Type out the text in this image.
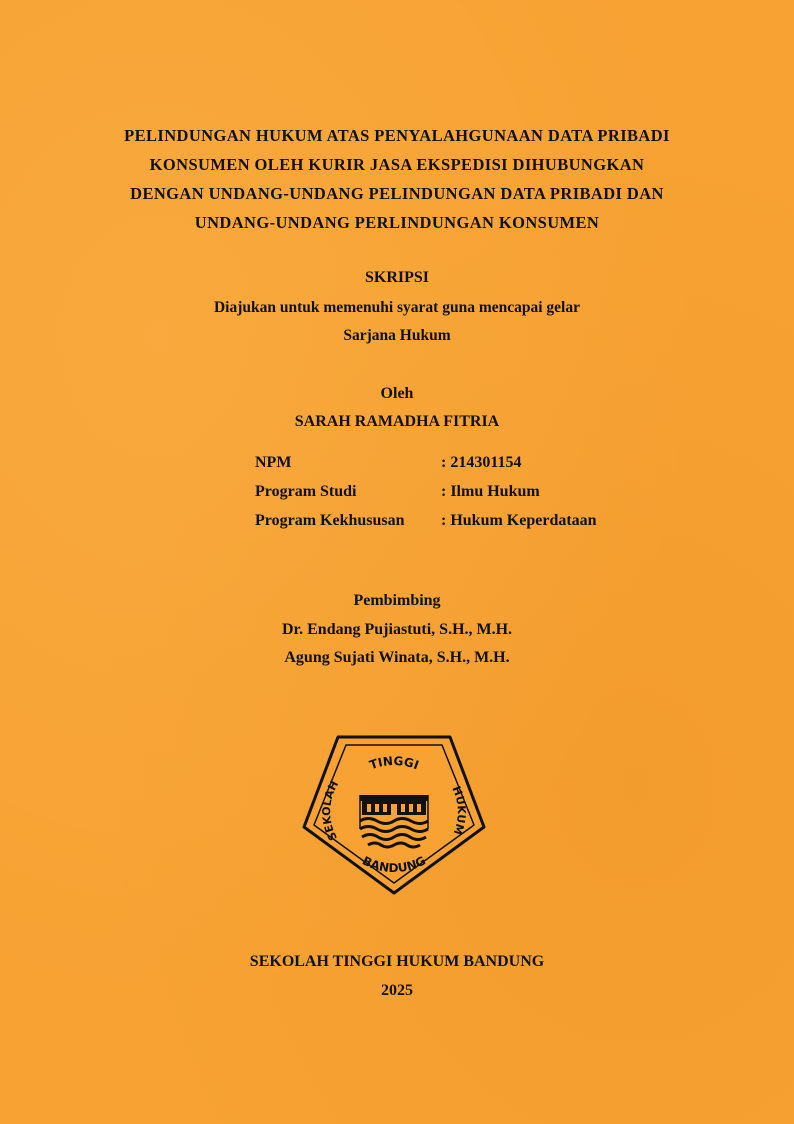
PELINDUNGAN HUKUM ATAS PENYALAHGUNAAN DATA PRIBADI
KONSUMEN OLEH KURIR JASA EKSPEDISI DIHUBUNGKAN
DENGAN UNDANG-UNDANG PELINDUNGAN DATA PRIBADI DAN
UNDANG-UNDANG PERLINDUNGAN KONSUMEN
SKRIPSI
Diajukan untuk memenuhi syarat guna mencapai gelar
Sarjana Hukum
Oleh
SARAH RAMADHA FITRIA
NPM	: 214301154
Program Studi	: Ilmu Hukum
Program Kekhususan : Hukum Keperdataan
Pembimbing
Dr. Endang Pujiastuti, S.H., M.H.
Agung Sujati Winata, S.H., M.H.
TINGGI
SEKOLAH	HUKUM
BANDUNG
SEKOLAH TINGGI HUKUM BANDUNG
2025
